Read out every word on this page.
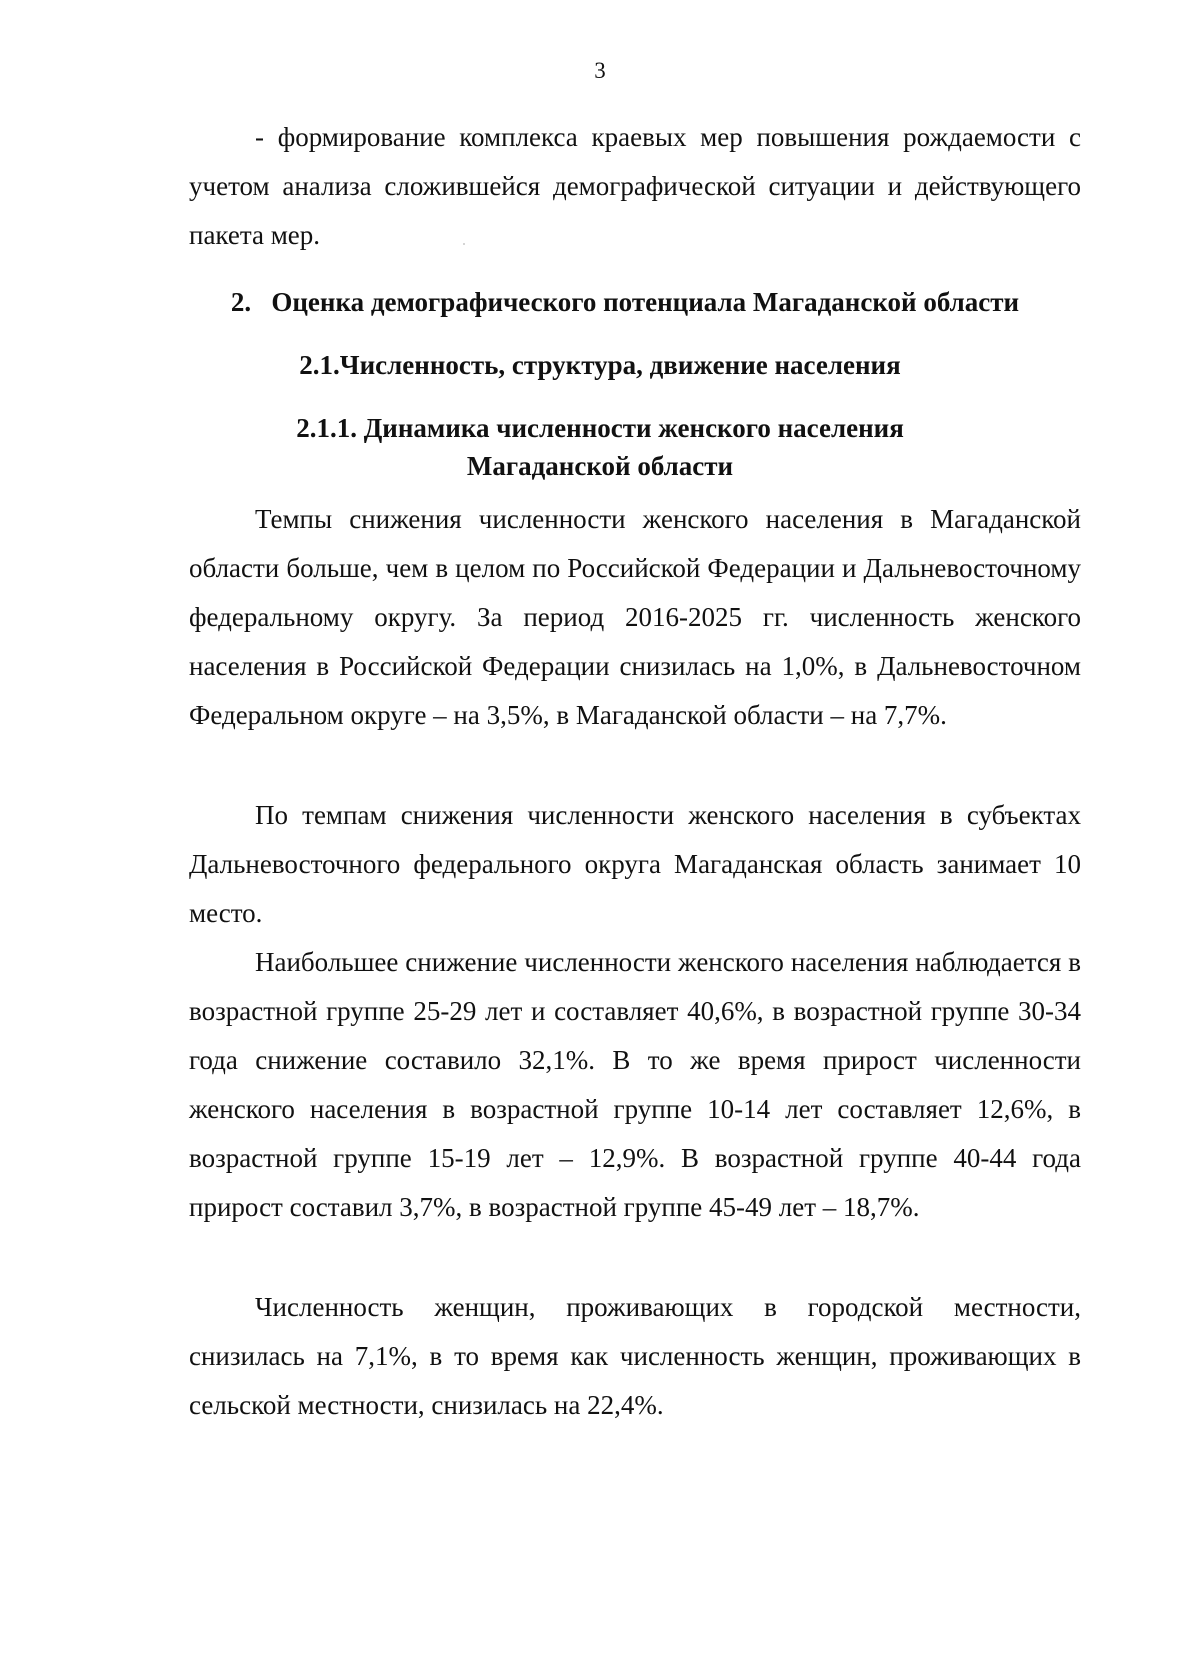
3
- формирование комплекса краевых мер повышения рождаемости с учетом анализа сложившейся демографической ситуации и действующего пакета мер.
2. Оценка демографического потенциала Магаданской области
2.1.Численность, структура, движение населения
2.1.1. Динамика численности женского населения
Магаданской области
Темпы снижения численности женского населения в Магаданской области больше, чем в целом по Российской Федерации и Дальневосточному федеральному округу. За период 2016-2025 гг. численность женского населения в Российской Федерации снизилась на 1,0%, в Дальневосточном Федеральном округе – на 3,5%, в Магаданской области – на 7,7%.
По темпам снижения численности женского населения в субъектах Дальневосточного федерального округа Магаданская область занимает 10 место.
Наибольшее снижение численности женского населения наблюдается в возрастной группе 25-29 лет и составляет 40,6%, в возрастной группе 30-34 года снижение составило 32,1%. В то же время прирост численности женского населения в возрастной группе 10-14 лет составляет 12,6%, в возрастной группе 15-19 лет – 12,9%. В возрастной группе 40-44 года прирост составил 3,7%, в возрастной группе 45-49 лет – 18,7%.
Численность женщин, проживающих в городской местности, снизилась на 7,1%, в то время как численность женщин, проживающих в сельской местности, снизилась на 22,4%.
